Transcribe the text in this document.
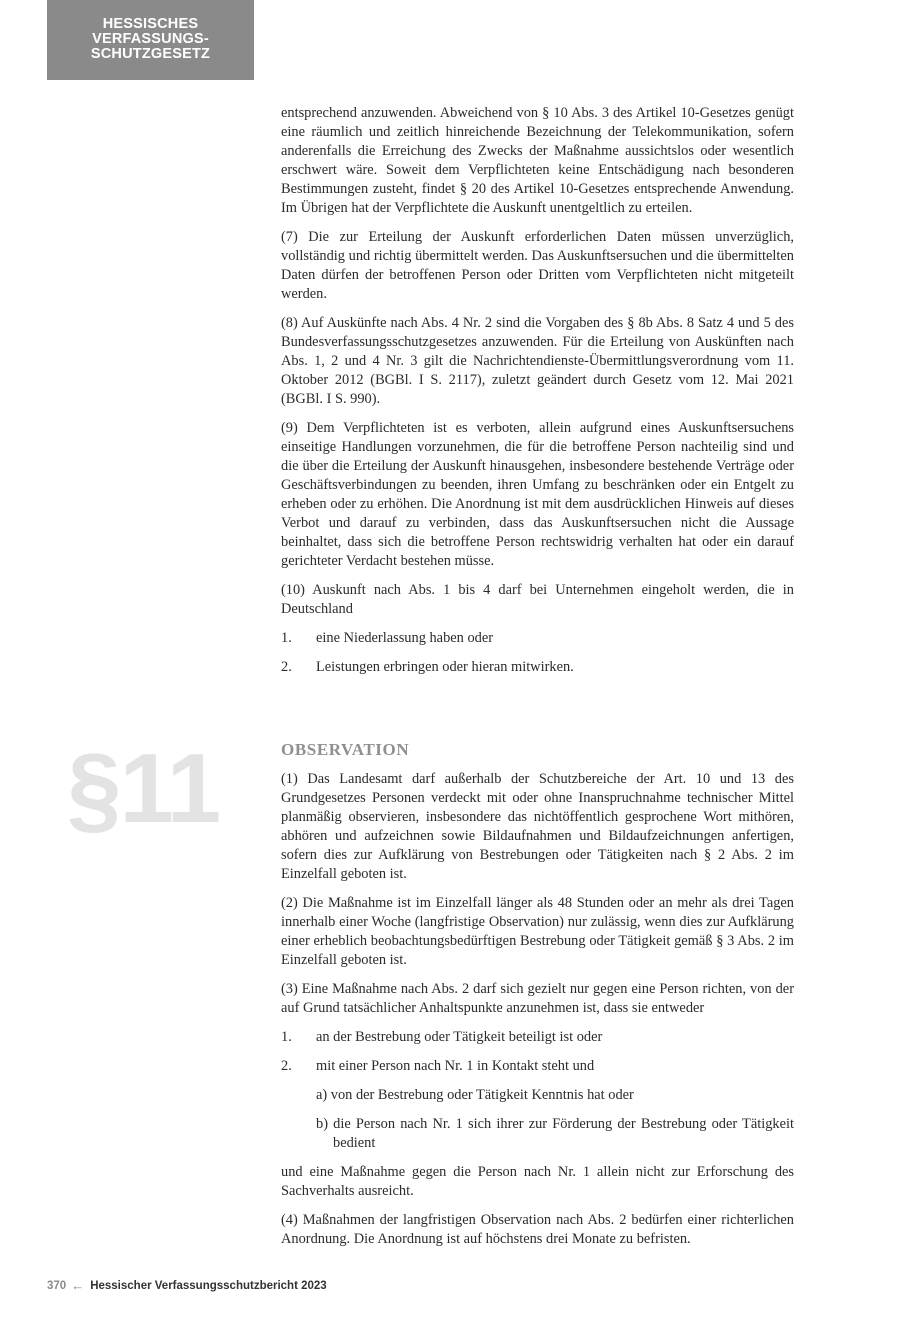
HESSISCHES
VERFASSUNGS-
SCHUTZGESETZ

entsprechend anzuwenden. Abweichend von § 10 Abs. 3 des Artikel 10-Gesetzes genügt eine räumlich und zeitlich hinreichende Bezeichnung der Telekommunikation, sofern anderenfalls die Erreichung des Zwecks der Maßnahme aussichtslos oder wesentlich erschwert wäre. Soweit dem Verpflichteten keine Entschädigung nach besonderen Bestimmungen zusteht, findet § 20 des Artikel 10-Gesetzes entsprechende Anwendung. Im Übrigen hat der Verpflichtete die Auskunft unentgeltlich zu erteilen.

(7) Die zur Erteilung der Auskunft erforderlichen Daten müssen unverzüglich, vollständig und richtig übermittelt werden. Das Auskunftsersuchen und die übermittelten Daten dürfen der betroffenen Person oder Dritten vom Verpflichteten nicht mitgeteilt werden.

(8) Auf Auskünfte nach Abs. 4 Nr. 2 sind die Vorgaben des § 8b Abs. 8 Satz 4 und 5 des Bundesverfassungsschutzgesetzes anzuwenden. Für die Erteilung von Auskünften nach Abs. 1, 2 und 4 Nr. 3 gilt die Nachrichtendienste-Übermittlungsverordnung vom 11. Oktober 2012 (BGBl. I S. 2117), zuletzt geändert durch Gesetz vom 12. Mai 2021 (BGBl. I S. 990).

(9) Dem Verpflichteten ist es verboten, allein aufgrund eines Auskunftsersuchens einseitige Handlungen vorzunehmen, die für die betroffene Person nachteilig sind und die über die Erteilung der Auskunft hinausgehen, insbesondere bestehende Verträge oder Geschäftsverbindungen zu beenden, ihren Umfang zu beschränken oder ein Entgelt zu erheben oder zu erhöhen. Die Anordnung ist mit dem ausdrücklichen Hinweis auf dieses Verbot und darauf zu verbinden, dass das Auskunftsersuchen nicht die Aussage beinhaltet, dass sich die betroffene Person rechtswidrig verhalten hat oder ein darauf gerichteter Verdacht bestehen müsse.

(10) Auskunft nach Abs. 1 bis 4 darf bei Unternehmen eingeholt werden, die in Deutschland

1. eine Niederlassung haben oder
2. Leistungen erbringen oder hieran mitwirken.
§11	OBSERVATION

(1) Das Landesamt darf außerhalb der Schutzbereiche der Art. 10 und 13 des Grundgesetzes Personen verdeckt mit oder ohne Inanspruchnahme technischer Mittel planmäßig observieren, insbesondere das nichtöffentlich gesprochene Wort mithören, abhören und aufzeichnen sowie Bildaufnahmen und Bildaufzeichnungen anfertigen, sofern dies zur Aufklärung von Bestrebungen oder Tätigkeiten nach § 2 Abs. 2 im Einzelfall geboten ist.

(2) Die Maßnahme ist im Einzelfall länger als 48 Stunden oder an mehr als drei Tagen innerhalb einer Woche (langfristige Observation) nur zulässig, wenn dies zur Aufklärung einer erheblich beobachtungsbedürftigen Bestrebung oder Tätigkeit gemäß § 3 Abs. 2 im Einzelfall geboten ist.

(3) Eine Maßnahme nach Abs. 2 darf sich gezielt nur gegen eine Person richten, von der auf Grund tatsächlicher Anhaltspunkte anzunehmen ist, dass sie entweder

1. an der Bestrebung oder Tätigkeit beteiligt ist oder
2. mit einer Person nach Nr. 1 in Kontakt steht und
a) von der Bestrebung oder Tätigkeit Kenntnis hat oder
b) die Person nach Nr. 1 sich ihrer zur Förderung der Bestrebung oder Tätigkeit bedient

und eine Maßnahme gegen die Person nach Nr. 1 allein nicht zur Erforschung des Sachverhalts ausreicht.

(4) Maßnahmen der langfristigen Observation nach Abs. 2 bedürfen einer richterlichen Anordnung. Die Anordnung ist auf höchstens drei Monate zu befristen.

370 ← Hessischer Verfassungsschutzbericht 2023
